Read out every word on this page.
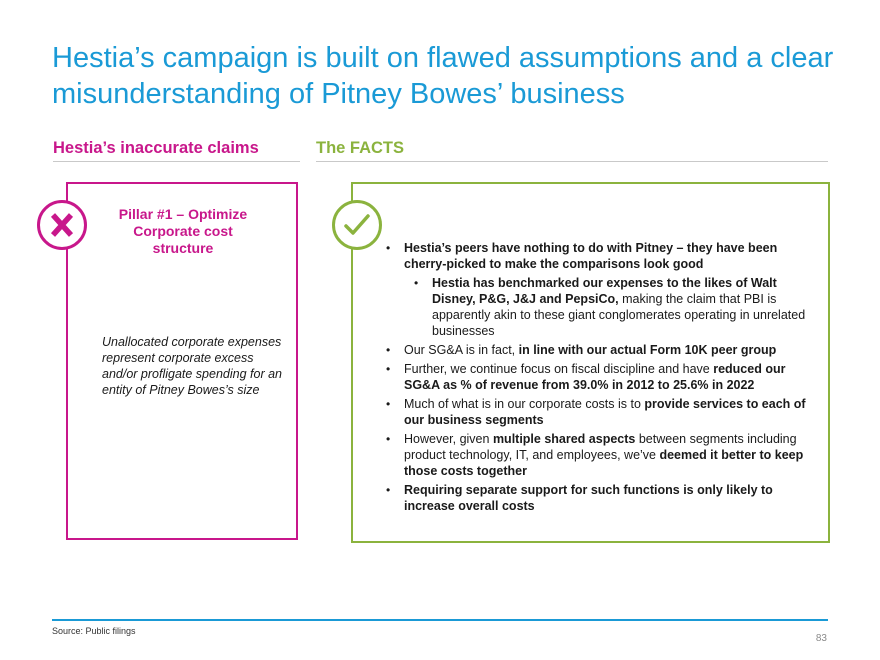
Hestia’s campaign is built on flawed assumptions and a clear misunderstanding of Pitney Bowes’ business
Hestia’s inaccurate claims	The FACTS
Pillar #1 – Optimize Corporate cost structure
Unallocated corporate expenses represent corporate excess and/or profligate spending for an entity of Pitney Bowes’s size
• Hestia’s peers have nothing to do with Pitney – they have been cherry-picked to make the comparisons look good
• Hestia has benchmarked our expenses to the likes of Walt Disney, P&G, J&J and PepsiCo, making the claim that PBI is apparently akin to these giant conglomerates operating in unrelated businesses
• Our SG&A is in fact, in line with our actual Form 10K peer group
• Further, we continue focus on fiscal discipline and have reduced our SG&A as % of revenue from 39.0% in 2012 to 25.6% in 2022
• Much of what is in our corporate costs is to provide services to each of our business segments
• However, given multiple shared aspects between segments including product technology, IT, and employees, we’ve deemed it better to keep those costs together
• Requiring separate support for such functions is only likely to increase overall costs
Source: Public filings
83
